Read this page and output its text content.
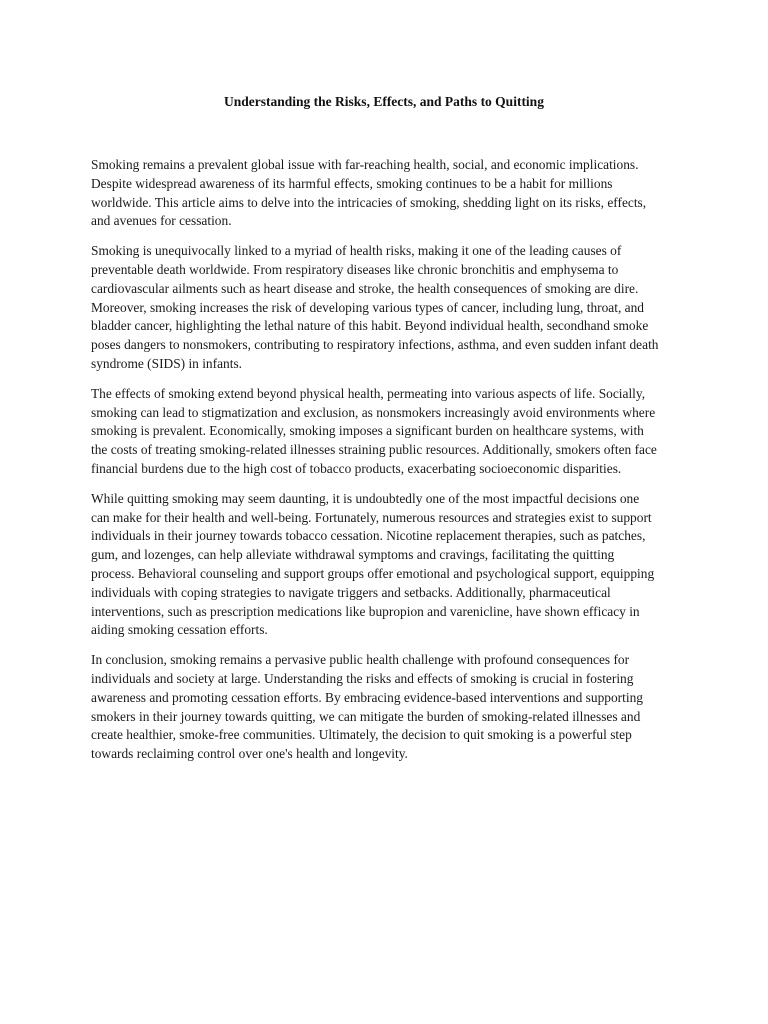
Understanding the Risks, Effects, and Paths to Quitting

Smoking remains a prevalent global issue with far-reaching health, social, and economic implications.
Despite widespread awareness of its harmful effects, smoking continues to be a habit for millions
worldwide. This article aims to delve into the intricacies of smoking, shedding light on its risks, effects,
and avenues for cessation.

Smoking is unequivocally linked to a myriad of health risks, making it one of the leading causes of
preventable death worldwide. From respiratory diseases like chronic bronchitis and emphysema to
cardiovascular ailments such as heart disease and stroke, the health consequences of smoking are dire.
Moreover, smoking increases the risk of developing various types of cancer, including lung, throat, and
bladder cancer, highlighting the lethal nature of this habit. Beyond individual health, secondhand smoke
poses dangers to nonsmokers, contributing to respiratory infections, asthma, and even sudden infant death
syndrome (SIDS) in infants.

The effects of smoking extend beyond physical health, permeating into various aspects of life. Socially,
smoking can lead to stigmatization and exclusion, as nonsmokers increasingly avoid environments where
smoking is prevalent. Economically, smoking imposes a significant burden on healthcare systems, with
the costs of treating smoking-related illnesses straining public resources. Additionally, smokers often face
financial burdens due to the high cost of tobacco products, exacerbating socioeconomic disparities.

While quitting smoking may seem daunting, it is undoubtedly one of the most impactful decisions one
can make for their health and well-being. Fortunately, numerous resources and strategies exist to support
individuals in their journey towards tobacco cessation. Nicotine replacement therapies, such as patches,
gum, and lozenges, can help alleviate withdrawal symptoms and cravings, facilitating the quitting
process. Behavioral counseling and support groups offer emotional and psychological support, equipping
individuals with coping strategies to navigate triggers and setbacks. Additionally, pharmaceutical
interventions, such as prescription medications like bupropion and varenicline, have shown efficacy in
aiding smoking cessation efforts.

In conclusion, smoking remains a pervasive public health challenge with profound consequences for
individuals and society at large. Understanding the risks and effects of smoking is crucial in fostering
awareness and promoting cessation efforts. By embracing evidence-based interventions and supporting
smokers in their journey towards quitting, we can mitigate the burden of smoking-related illnesses and
create healthier, smoke-free communities. Ultimately, the decision to quit smoking is a powerful step
towards reclaiming control over one's health and longevity.
